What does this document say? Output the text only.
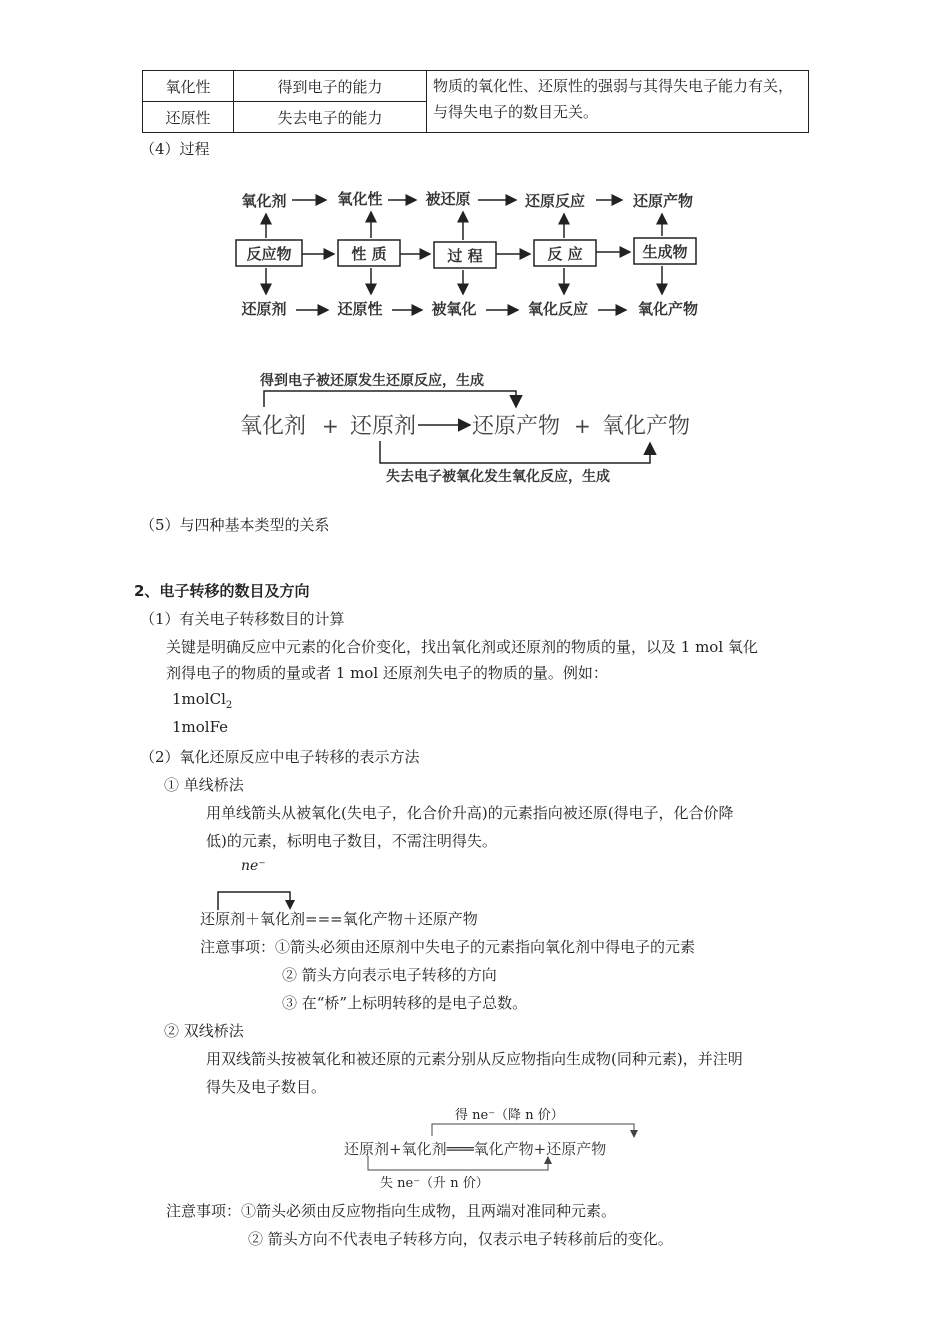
氧化性	得到电子的能力	物质的氧化性、还原性的强弱与其得失电子能力有关，与得失电子的数目无关。
还原性	失去电子的能力	
（4）过程
氧化剂	氧化性	被还原	还原反应	还原产物
反应物	性 质	过 程	反 应	生成物
还原剂	还原性	被氧化	氧化反应	氧化产物
得到电子被还原发生还原反应，生成
氧化剂 + 还原剂	还原产物 + 氧化产物
失去电子被氧化发生氧化反应，生成
（5）与四种基本类型的关系
2、电子转移的数目及方向
（1）有关电子转移数目的计算
关键是明确反应中元素的化合价变化，找出氧化剂或还原剂的物质的量，以及 1 mol 氧化
剂得电子的物质的量或者 1 mol 还原剂失电子的物质的量。例如：
1molCl$_2$
1molFe
（2）氧化还原反应中电子转移的表示方法
① 单线桥法
用单线箭头从被氧化(失电子，化合价升高)的元素指向被还原(得电子，化合价降
低)的元素，标明电子数目，不需注明得失。
ne⁻
还原剂＋氧化剂===氧化产物＋还原产物
注意事项：①箭头必须由还原剂中失电子的元素指向氧化剂中得电子的元素
② 箭头方向表示电子转移的方向
③ 在“桥”上标明转移的是电子总数。
② 双线桥法
用双线箭头按被氧化和被还原的元素分别从反应物指向生成物(同种元素)，并注明
得失及电子数目。
得 ne⁻（降 n 价）
还原剂+氧化剂═══氧化产物+还原产物
失 ne⁻（升 n 价）
注意事项：①箭头必须由反应物指向生成物，且两端对准同种元素。
② 箭头方向不代表电子转移方向，仅表示电子转移前后的变化。
